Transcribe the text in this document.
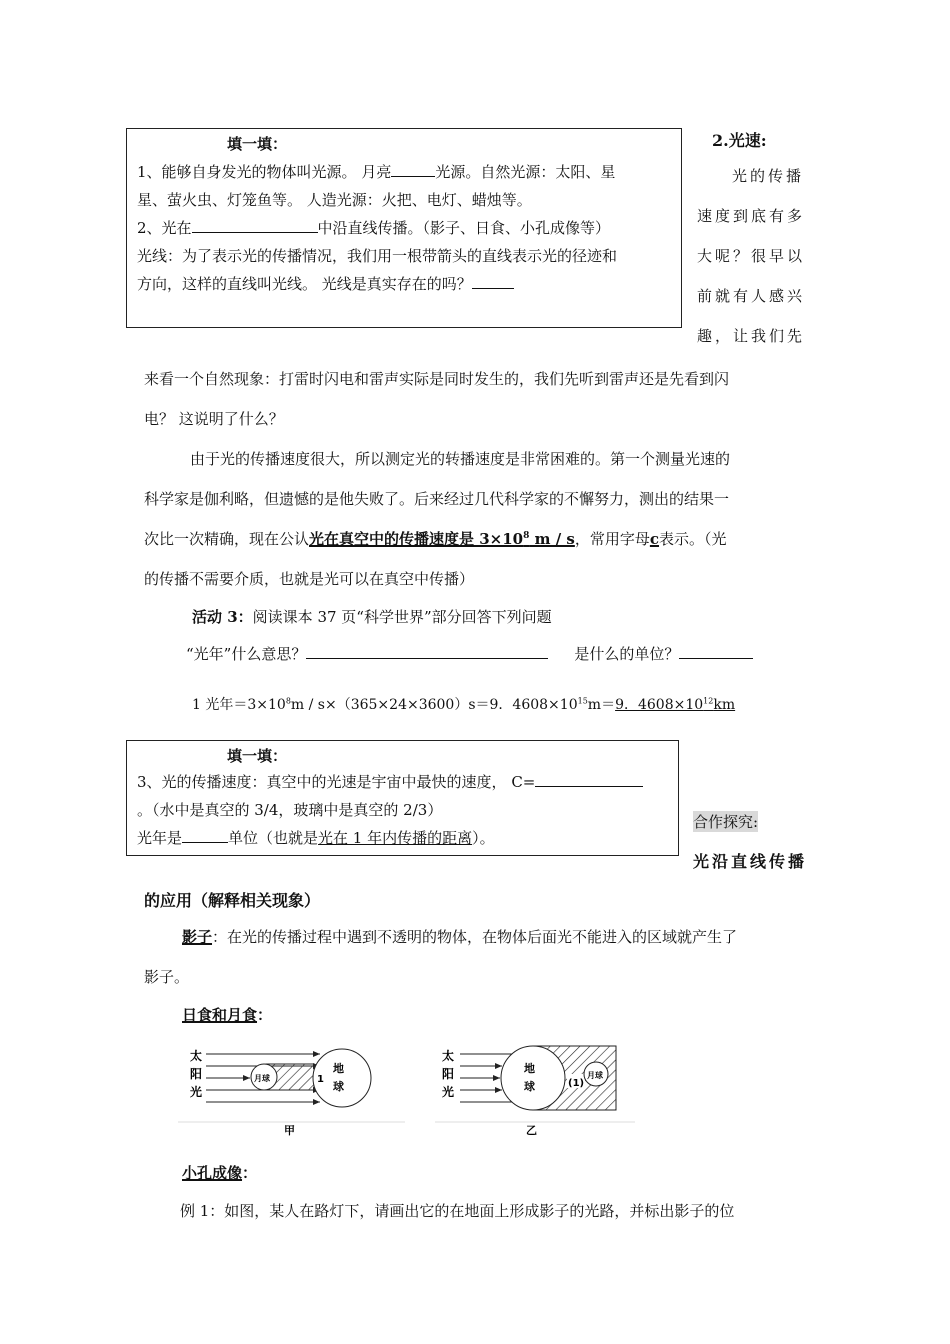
填一填：
1、能够自身发光的物体叫光源。 月亮	光源。自然光源：太阳、星
星、萤火虫、灯笼鱼等。 人造光源：火把、电灯、蜡烛等。
2、光在	中沿直线传播。（影子、日食、小孔成像等）
光线：为了表示光的传播情况，我们用一根带箭头的直线表示光的径迹和
方向，这样的直线叫光线。 光线是真实存在的吗？
2.光速:
光的传播
速度到底有多
大呢？很早以
前就有人感兴
趣，让我们先
来看一个自然现象：打雷时闪电和雷声实际是同时发生的，我们先听到雷声还是先看到闪
电？ 这说明了什么？
由于光的传播速度很大，所以测定光的转播速度是非常困难的。第一个测量光速的
科学家是伽利略，但遗憾的是他失败了。后来经过几代科学家的不懈努力，测出的结果一
次比一次精确，现在公认光在真空中的传播速度是 $3\times 10^8$ m / s，常用字母c表示。（光
的传播不需要介质，也就是光可以在真空中传播）
活动 3：阅读课本 37 页“科学世界”部分回答下列问题
“光年”什么意思？	是什么的单位？
1 光年$=3\times 10^8m / s\times(365\times 24\times 3600)s=9$．$4608\times 10^{15}m=9$．$4608\times 10^{12}km$
填一填：
3、光的传播速度：真空中的光速是宇宙中最快的速度， C=
。（水中是真空的 3/4，玻璃中是真空的 2/3）
光年是	单位（也就是光在 1 年内传播的距离）。
合作探究:
光沿直线传播
的应用（解释相关现象）
影子：在光的传播过程中遇到不透明的物体，在物体后面光不能进入的区域就产生了
影子。
日食和月食：
太
阳
光
月球
地
球
1
甲
太
阳
光
地
球	(1)
月球
乙
小孔成像：
例 1：如图，某人在路灯下，请画出它的在地面上形成影子的光路，并标出影子的位
